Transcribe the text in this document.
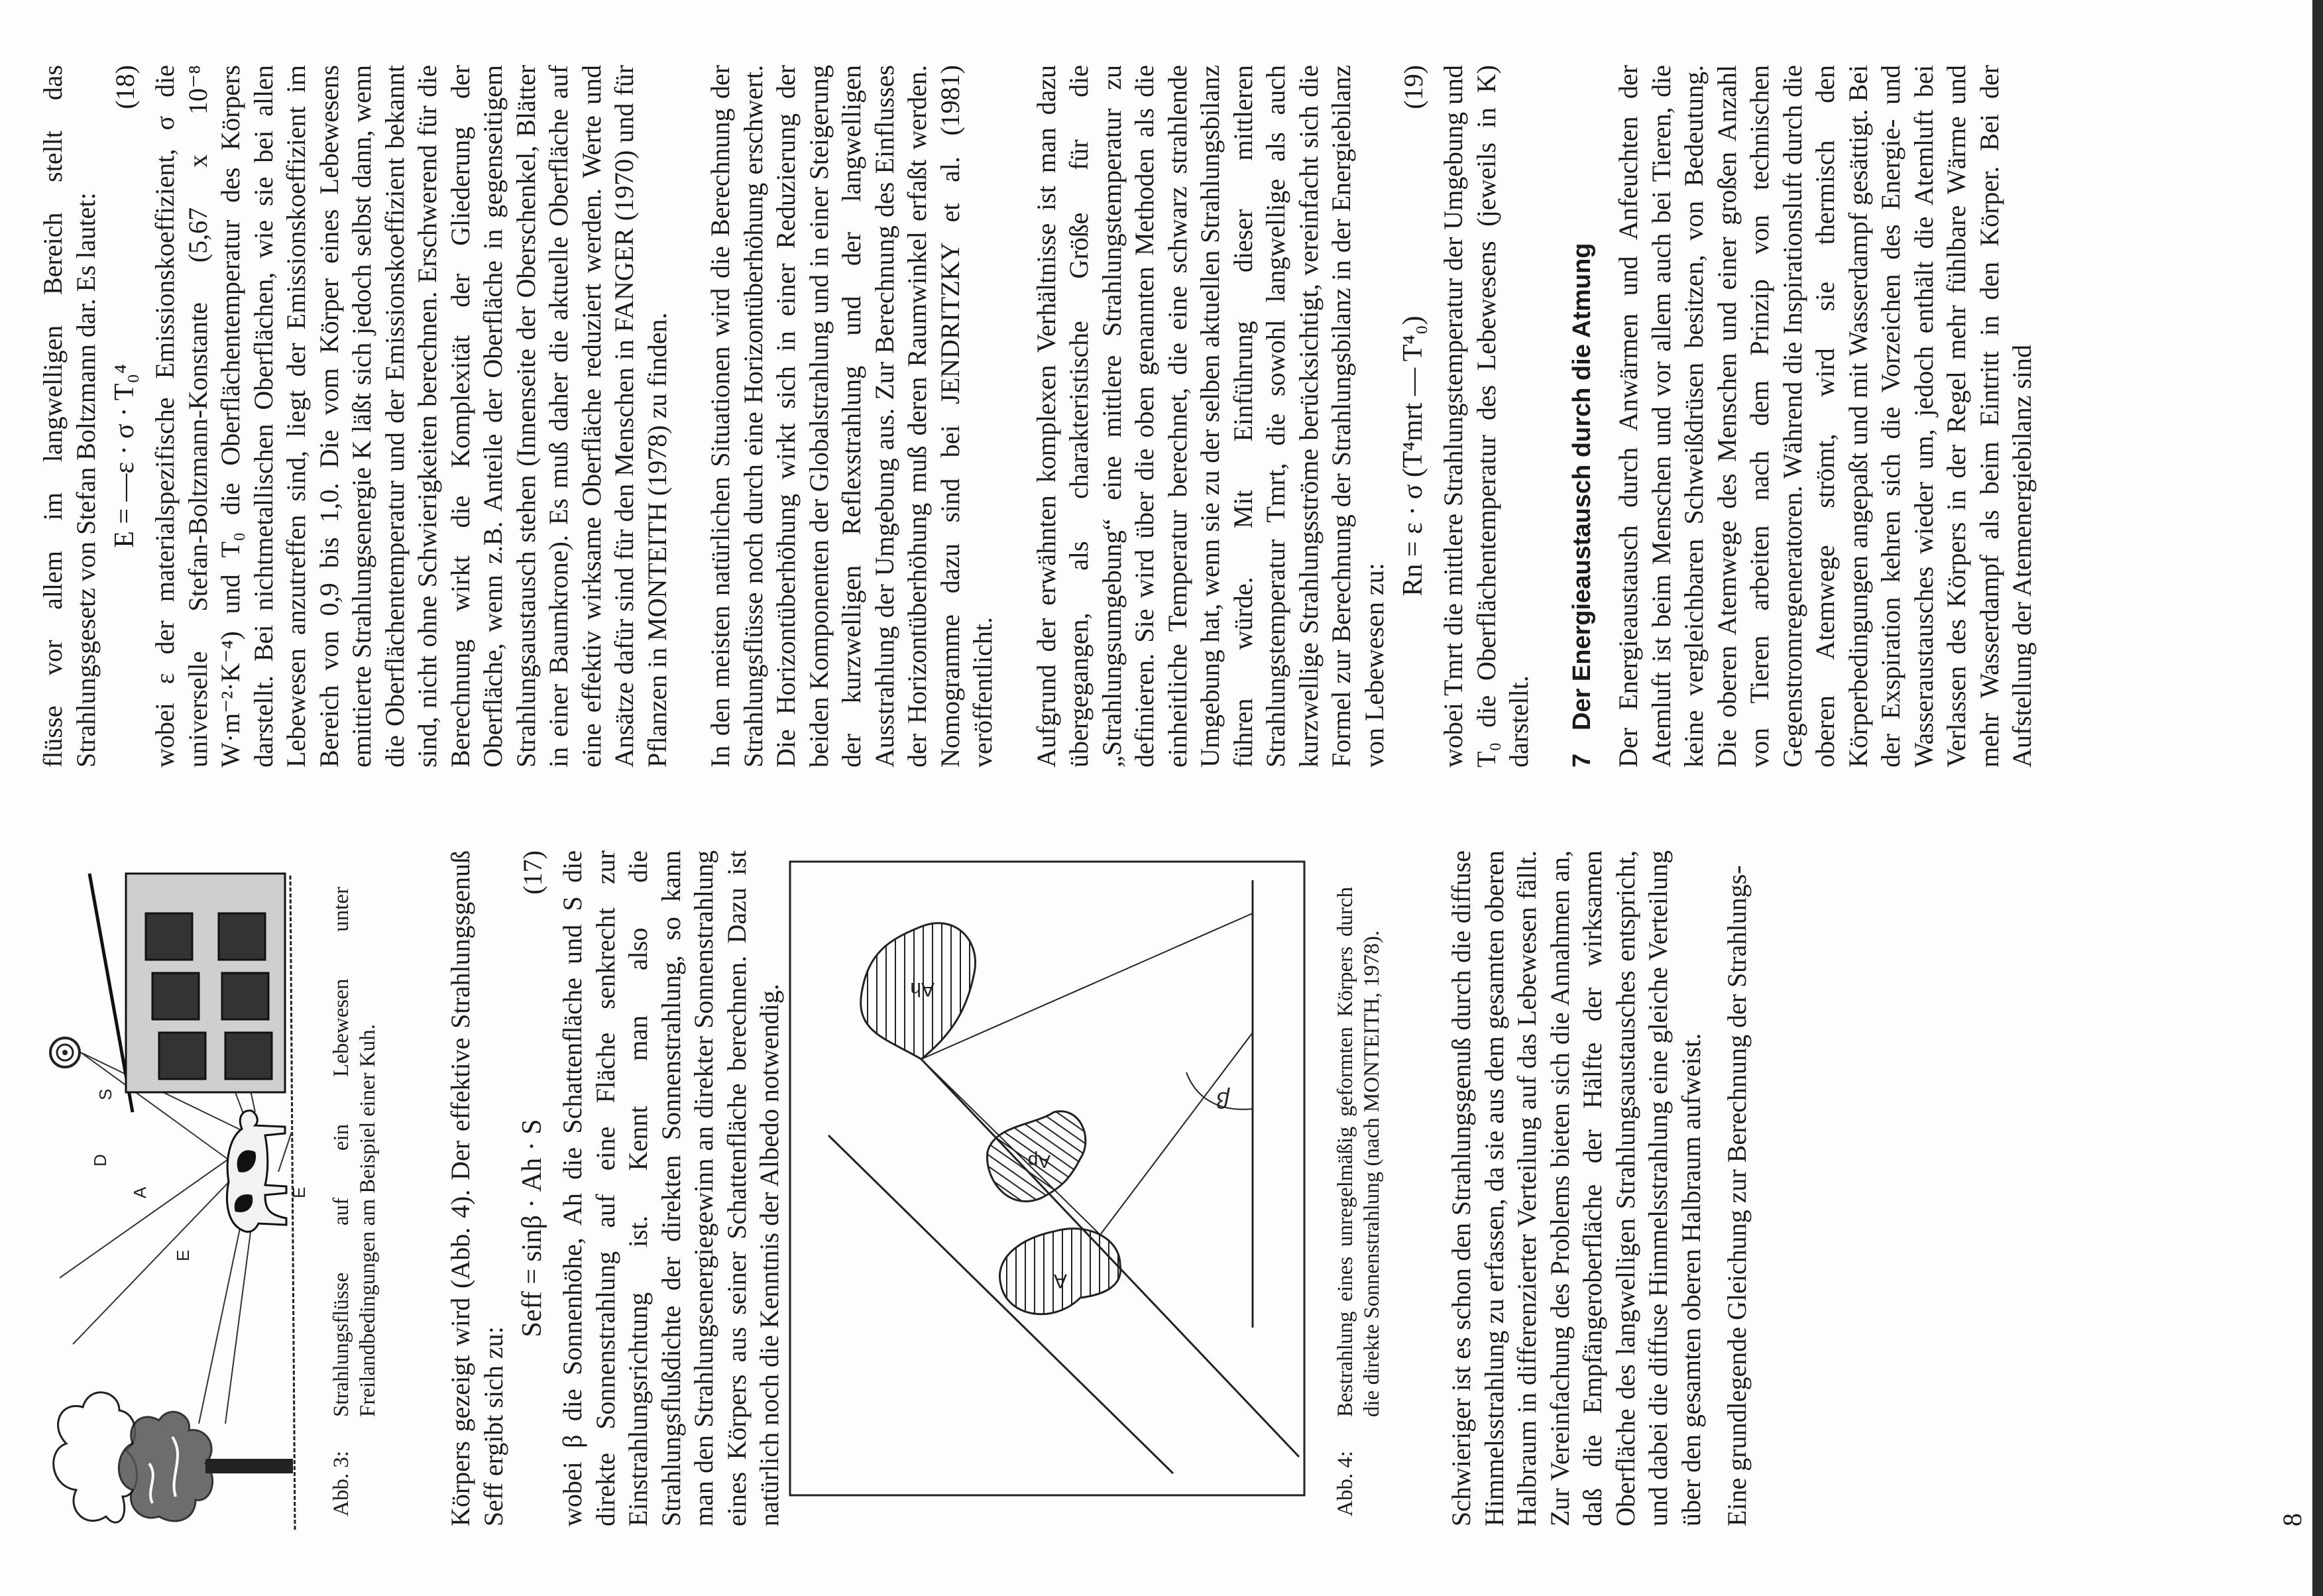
D
S
A
E
E
Abb. 3:Strahlungsflüsse auf ein Lebewesen unter Freilandbedingungen am Beispiel einer Kuh. Körpers gezeigt wird (Abb. 4). Der effektive Strahlungsgenuß Seff ergibt sich zu:

Seff = sinβ · Ah · S
(17) wobei β die Sonnenhöhe, Ah die Schattenfläche und S die direkte Sonnenstrahlung auf eine Fläche senkrecht zur Einstrahlungsrichtung ist. Kennt man also die Strahlungsflußdichte der direkten Sonnenstrahlung, so kann man den Strahlungsenergiegewinn an direkter Sonnenstrahlung eines Körpers aus seiner Schattenfläche berechnen. Dazu ist natürlich noch die Kenntnis der Albedo notwendig.	A
Ap
Ah
β
Abb. 4:Bestrahlung eines unregelmäßig geformten Körpers durch die direkte Sonnenstrahlung (nach MONTEITH, 1978). Schwieriger ist es schon den Strahlungsgenuß durch die diffuse Himmelsstrahlung zu erfassen, da sie aus dem gesamten oberen Halbraum in differenzierter Verteilung auf das Lebewesen fällt. Zur Vereinfachung des Problems bieten sich die Annahmen an, daß die Empfängeroberfläche der Hälfte der wirksamen Oberfläche des langwelligen Strahlungsaustausches entspricht, und dabei die diffuse Himmelsstrahlung eine gleiche Verteilung über den gesamten oberen Halbraum aufweist. Eine grundlegende Gleichung zur Berechnung der Strahlungs-	8

flüsse vor allem im langwelligen Bereich stellt das Strahlungsgesetz von Stefan Boltzmann dar. Es lautet: E = —ε · σ · T₀⁴
(18) wobei ε der materialspezifische Emissionskoeffizient, σ die universelle Stefan-Boltzmann-Konstante (5,67 x 10⁻⁸ W·m⁻²·K⁻⁴) und T₀ die Oberflächentemperatur des Körpers darstellt. Bei nichtmetallischen Oberflächen, wie sie bei allen Lebewesen anzutreffen sind, liegt der Emissionskoeffizient im Bereich von 0,9 bis 1,0. Die vom Körper eines Lebewesens emittierte Strahlungsenergie K läßt sich jedoch selbst dann, wenn die Oberflächentemperatur und der Emissionskoeffizient bekannt sind, nicht ohne Schwierigkeiten berechnen. Erschwerend für die Berechnung wirkt die Komplexität der Gliederung der Oberfläche, wenn z.B. Anteile der Oberfläche in gegenseitigem Strahlungsaustausch stehen (Innenseite der Oberschenkel, Blätter in einer Baumkrone). Es muß daher die aktuelle Oberfläche auf eine effektiv wirksame Oberfläche reduziert werden. Werte und Ansätze dafür sind für den Menschen in FANGER (1970) und für Pflanzen in MONTEITH (1978) zu finden. In den meisten natürlichen Situationen wird die Berechnung der Strahlungsflüsse noch durch eine Horizontüberhöhung erschwert. Die Horizontüberhöhung wirkt sich in einer Reduzierung der beiden Komponenten der Globalstrahlung und in einer Steigerung der kurzwelligen Reflexstrahlung und der langwelligen Ausstrahlung der Umgebung aus. Zur Berechnung des Einflusses der Horizontüberhöhung muß deren Raumwinkel erfaßt werden. Nomogramme dazu sind bei JENDRITZKY et al. (1981) veröffentlicht. Aufgrund der erwähnten komplexen Verhältnisse ist man dazu übergegangen, als charakteristische Größe für die „Strahlungsumgebung“ eine mittlere Strahlungstemperatur zu definieren. Sie wird über die oben genannten Methoden als die einheitliche Temperatur berechnet, die eine schwarz strahlende Umgebung hat, wenn sie zu der selben aktuellen Strahlungsbilanz führen würde. Mit Einführung dieser mittleren Strahlungstemperatur Tmrt, die sowohl langwellige als auch kurzwellige Strahlungsströme berücksichtigt, vereinfacht sich die Formel zur Berechnung der Strahlungsbilanz in der Energiebilanz von Lebewesen zu:

Rn = ε · σ (T⁴mrt — T⁴₀)
(19) wobei Tmrt die mittlere Strahlungstemperatur der Umgebung und T₀ die Oberflächentemperatur des Lebewesens (jeweils in K) darstellt. 7Der Energieaustausch durch die Atmung Der Energieaustausch durch Anwärmen und Anfeuchten der Atemluft ist beim Menschen und vor allem auch bei Tieren, die keine vergleichbaren Schweißdrüsen besitzen, von Bedeutung. Die oberen Atemwege des Menschen und einer großen Anzahl von Tieren arbeiten nach dem Prinzip von technischen Gegenstromregeneratoren. Während die Inspirationsluft durch die oberen Atemwege strömt, wird sie thermisch den Körperbedingungen angepaßt und mit Wasserdampf gesättigt. Bei der Exspiration kehren sich die Vorzeichen des Energie- und Wasseraustausches wieder um, jedoch enthält die Atemluft bei Verlassen des Körpers in der Regel mehr fühlbare Wärme und mehr Wasserdampf als beim Eintritt in den Körper. Bei der Aufstellung der Atemenergiebilanz sind
